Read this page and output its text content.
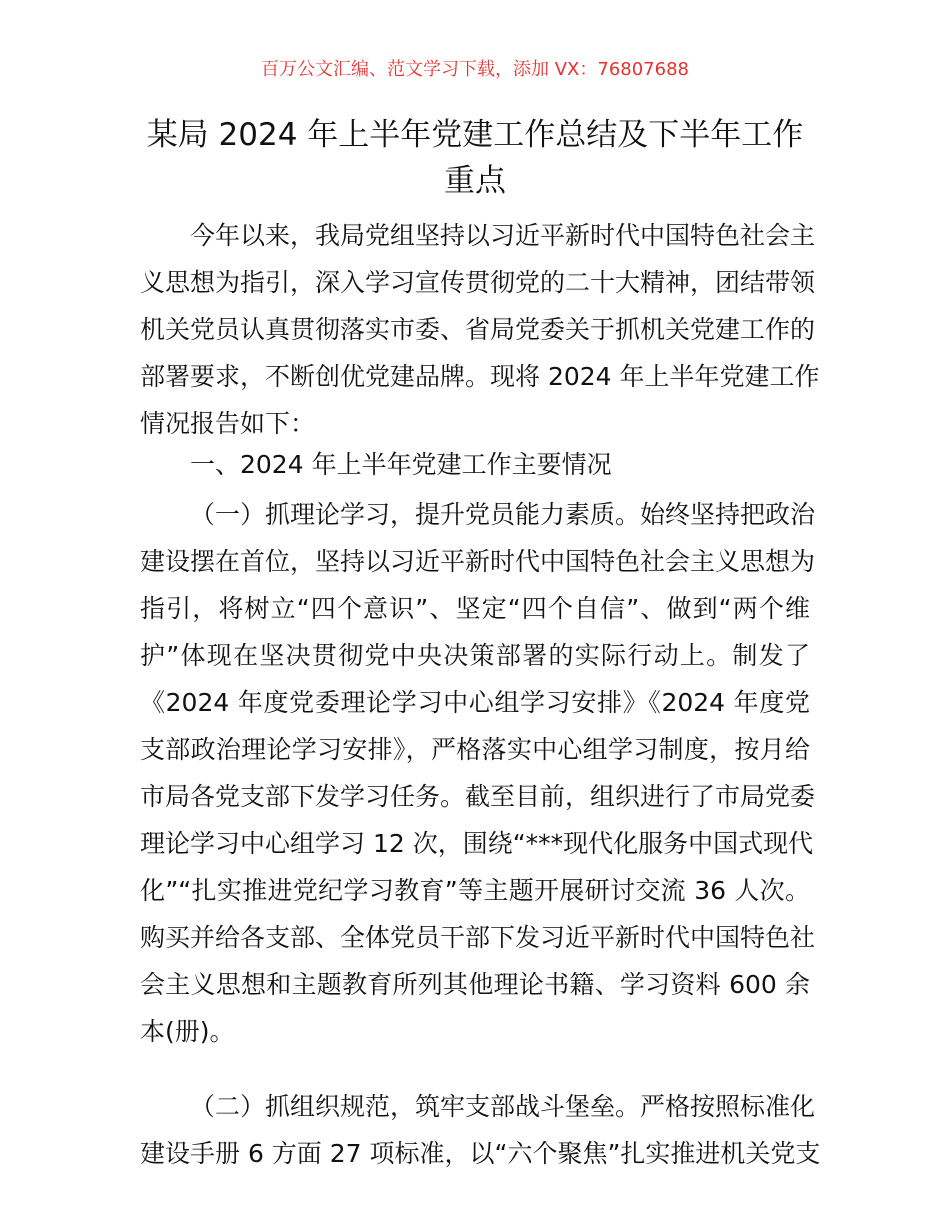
百万公文汇编、范文学习下载，添加 VX：76807688
某局 2024 年上半年党建工作总结及下半年工作
重点
今年以来，我局党组坚持以习近平新时代中国特色社会主
义思想为指引，深入学习宣传贯彻党的二十大精神，团结带领
机关党员认真贯彻落实市委、省局党委关于抓机关党建工作的
部署要求，不断创优党建品牌。现将 2024 年上半年党建工作
情况报告如下：
一、2024 年上半年党建工作主要情况
（一）抓理论学习，提升党员能力素质。始终坚持把政治
建设摆在首位，坚持以习近平新时代中国特色社会主义思想为
指引，将树立“四个意识”、坚定“四个自信”、做到“两个维
护”体现在坚决贯彻党中央决策部署的实际行动上。制发了
《2024 年度党委理论学习中心组学习安排》《2024 年度党
支部政治理论学习安排》，严格落实中心组学习制度，按月给
市局各党支部下发学习任务。截至目前，组织进行了市局党委
理论学习中心组学习 12 次，围绕“***现代化服务中国式现代
化”“扎实推进党纪学习教育”等主题开展研讨交流 36 人次。
购买并给各支部、全体党员干部下发习近平新时代中国特色社
会主义思想和主题教育所列其他理论书籍、学习资料 600 余
本(册)。
（二）抓组织规范，筑牢支部战斗堡垒。严格按照标准化
建设手册 6 方面 27 项标准，以“六个聚焦”扎实推进机关党支
